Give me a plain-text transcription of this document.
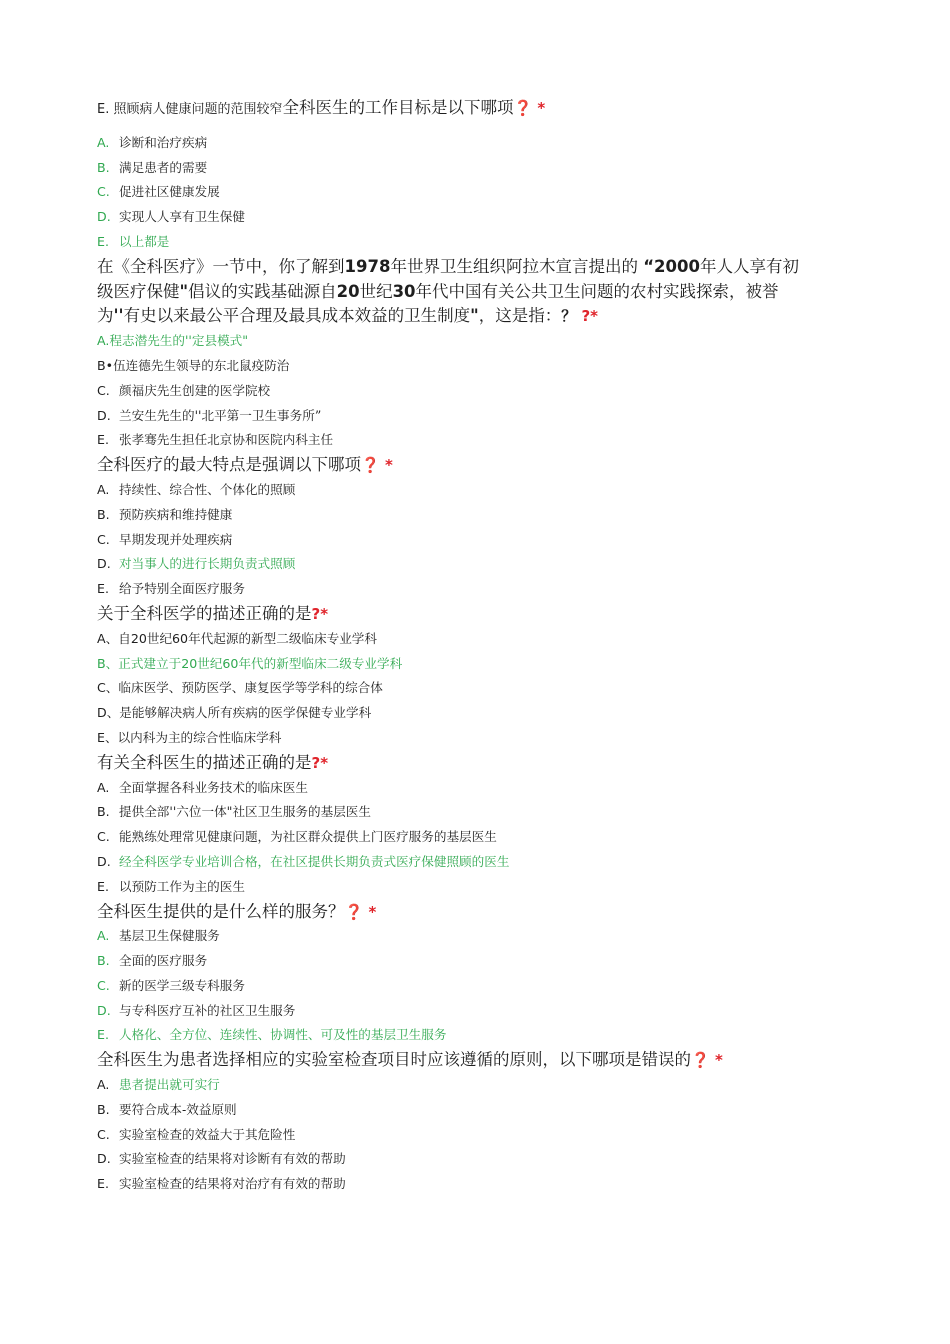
E. 照顾病人健康问题的范围较窄全科医生的工作目标是以下哪项❓ *
A. 诊断和治疗疾病
B. 满足患者的需要
C. 促进社区健康发展
D. 实现人人享有卫生保健
E. 以上都是
在《全科医疗》一节中，你了解到1978年世界卫生组织阿拉木宣言提出的 “2000年人人享有初
级医疗保健"倡议的实践基础源自20世纪30年代中国有关公共卫生问题的农村实践探索，被誉
为''有史以来最公平合理及最具成本效益的卫生制度"，这是指：？ ?*
A.程志潜先生的''定县模式"
B•伍连德先生领导的东北鼠疫防治
C. 颜福庆先生创建的医学院校
D. 兰安生先生的''北平第一卫生事务所”
E. 张孝骞先生担任北京协和医院内科主任
全科医疗的最大特点是强调以下哪项❓ *
A. 持续性、综合性、个体化的照顾
B. 预防疾病和维持健康
C. 早期发现并处理疾病
D. 对当事人的进行长期负责式照顾
E. 给予特别全面医疗服务
关于全科医学的描述正确的是?*
A、自20世纪60年代起源的新型二级临床专业学科
B、正式建立于20世纪60年代的新型临床二级专业学科
C、临床医学、预防医学、康复医学等学科的综合体
D、是能够解决病人所有疾病的医学保健专业学科
E、以内科为主的综合性临床学科
有关全科医生的描述正确的是?*
A. 全面掌握各科业务技术的临床医生
B. 提供全部''六位一体"社区卫生服务的基层医生
C. 能熟练处理常见健康问题，为社区群众提供上门医疗服务的基层医生
D. 经全科医学专业培训合格，在社区提供长期负责式医疗保健照顾的医生
E. 以预防工作为主的医生
全科医生提供的是什么样的服务？❓ *
A. 基层卫生保健服务
B. 全面的医疗服务
C. 新的医学三级专科服务
D. 与专科医疗互补的社区卫生服务
E. 人格化、全方位、连续性、协调性、可及性的基层卫生服务
全科医生为患者选择相应的实验室检查项目时应该遵循的原则，以下哪项是错误的❓ *
A. 患者提出就可实行
B. 要符合成本-效益原则
C. 实验室检查的效益大于其危险性
D. 实验室检查的结果将对诊断有有效的帮助
E. 实验室检查的结果将对治疗有有效的帮助
